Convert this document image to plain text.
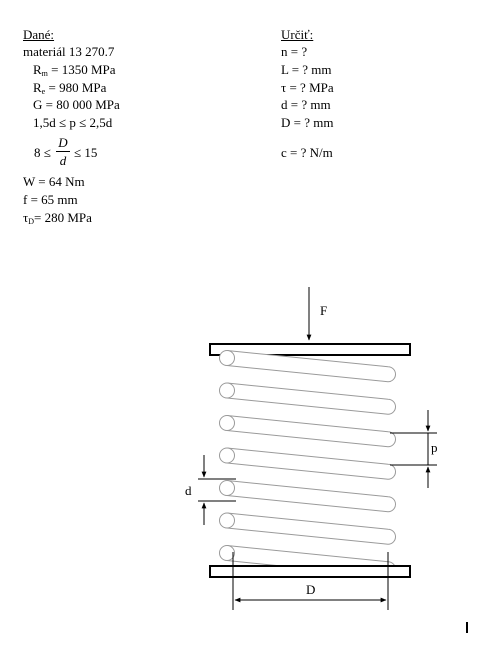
Dané:
materiál 13 270.7
$R_m = 1350$ MPa
$R_e = 980$ MPa
G = 80 000 MPa
1,5d ≤ p ≤ 2,5d
8 ≤
D
d
≤ 15
W = 64 Nm
f = 65 mm
$\tau_D= 280$ MPa
Určiť:
n = ?
L = ? mm
τ = ? MPa
d = ? mm
D = ? mm
c = ? N/m
F
p
d
D
